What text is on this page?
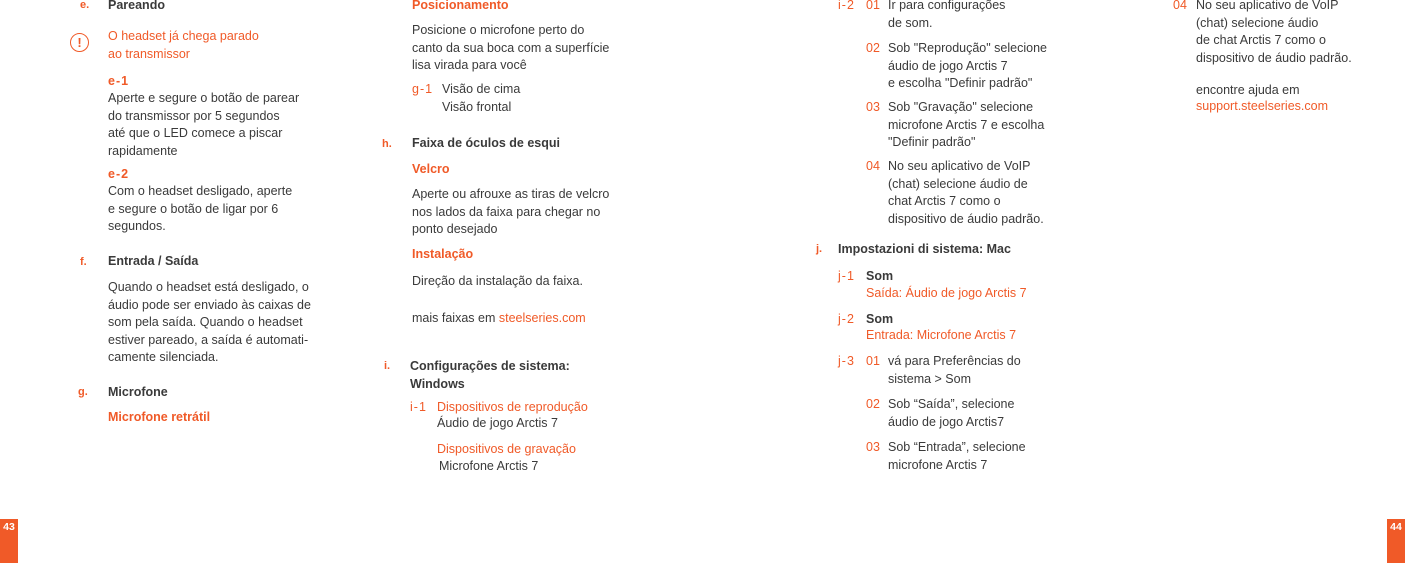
e. Pareando
!	O headset já chega parado
ao transmissor
e-1
Aperte e segure o botão de parear
do transmissor por 5 segundos
até que o LED comece a piscar
rapidamente
e-2
Com o headset desligado, aperte
e segure o botão de ligar por 6
segundos.
f. Entrada / Saída
Quando o headset está desligado, o
áudio pode ser enviado às caixas de
som pela saída. Quando o headset
estiver pareado, a saída é automati-
camente silenciada.
g. Microfone
Microfone retrátil
43
Posicionamento
Posicione o microfone perto do
canto da sua boca com a superfície
lisa virada para você
g-1 Visão de cima
Visão frontal
h. Faixa de óculos de esqui
Velcro
Aperte ou afrouxe as tiras de velcro
nos lados da faixa para chegar no
ponto desejado
Instalação
Direção da instalação da faixa.
mais faixas em steelseries.com
i. Configurações de sistema:
Windows
i-1 Dispositivos de reprodução
Áudio de jogo Arctis 7
Dispositivos de gravação
Microfone Arctis 7
i-2 01 Ir para configurações
de som.
02 Sob "Reprodução" selecione
áudio de jogo Arctis 7
e escolha "Definir padrão"
03 Sob "Gravação" selecione
microfone Arctis 7 e escolha
"Definir padrão"
04 No seu aplicativo de VoIP
(chat) selecione áudio de
chat Arctis 7 como o
dispositivo de áudio padrão.
j. Impostazioni di sistema: Mac
j-1 Som
Saída: Áudio de jogo Arctis 7
j-2 Som
Entrada: Microfone Arctis 7
j-3 01 vá para Preferências do
sistema > Som
02 Sob “Saída”, selecione
áudio de jogo Arctis7
03 Sob “Entrada”, selecione
microfone Arctis 7
04 No seu aplicativo de VoIP
(chat) selecione áudio
de chat Arctis 7 como o
dispositivo de áudio padrão.
encontre ajuda em
support.steelseries.com
44
